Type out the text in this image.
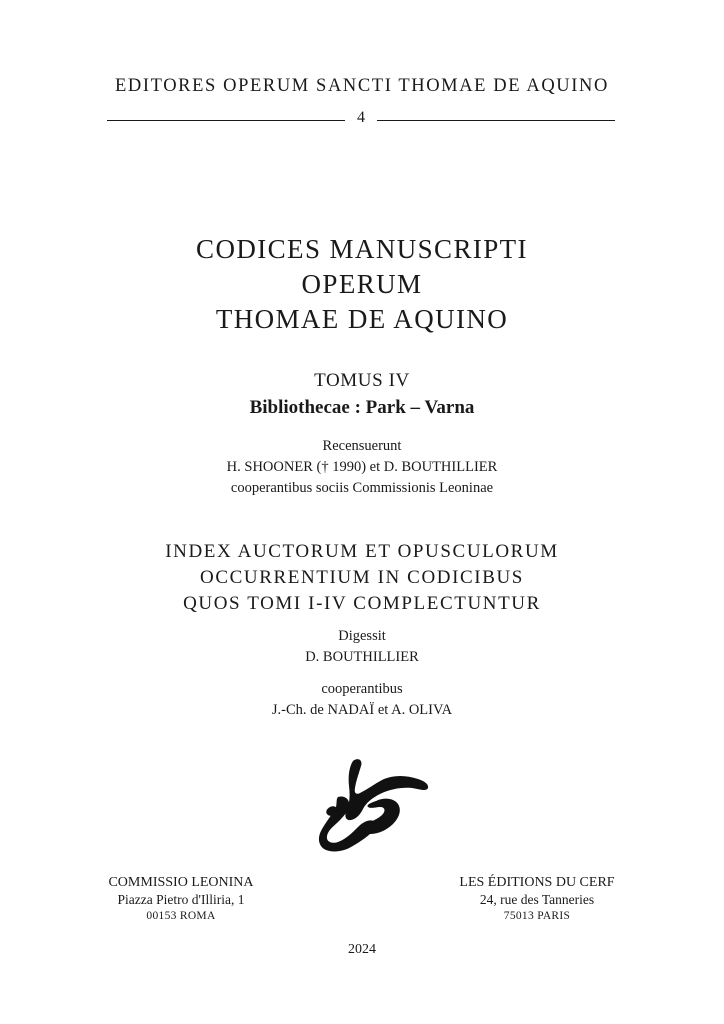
EDITORES OPERUM SANCTI THOMAE DE AQUINO
4
CODICES MANUSCRIPTI
OPERUM
THOMAE DE AQUINO
TOMUS IV
Bibliothecae : Park – Varna
Recensuerunt
H. SHOONER († 1990) et D. BOUTHILLIER
cooperantibus sociis Commissionis Leoninae
INDEX AUCTORUM ET OPUSCULORUM
OCCURRENTIUM IN CODICIBUS
QUOS TOMI I-IV COMPLECTUNTUR
Digessit
D. BOUTHILLIER
cooperantibus
J.-Ch. de NADAÏ et A. OLIVA
COMMISSIO LEONINA
Piazza Pietro d'Illiria, 1
00153 ROMA
LES ÉDITIONS DU CERF
24, rue des Tanneries
75013 PARIS
2024
